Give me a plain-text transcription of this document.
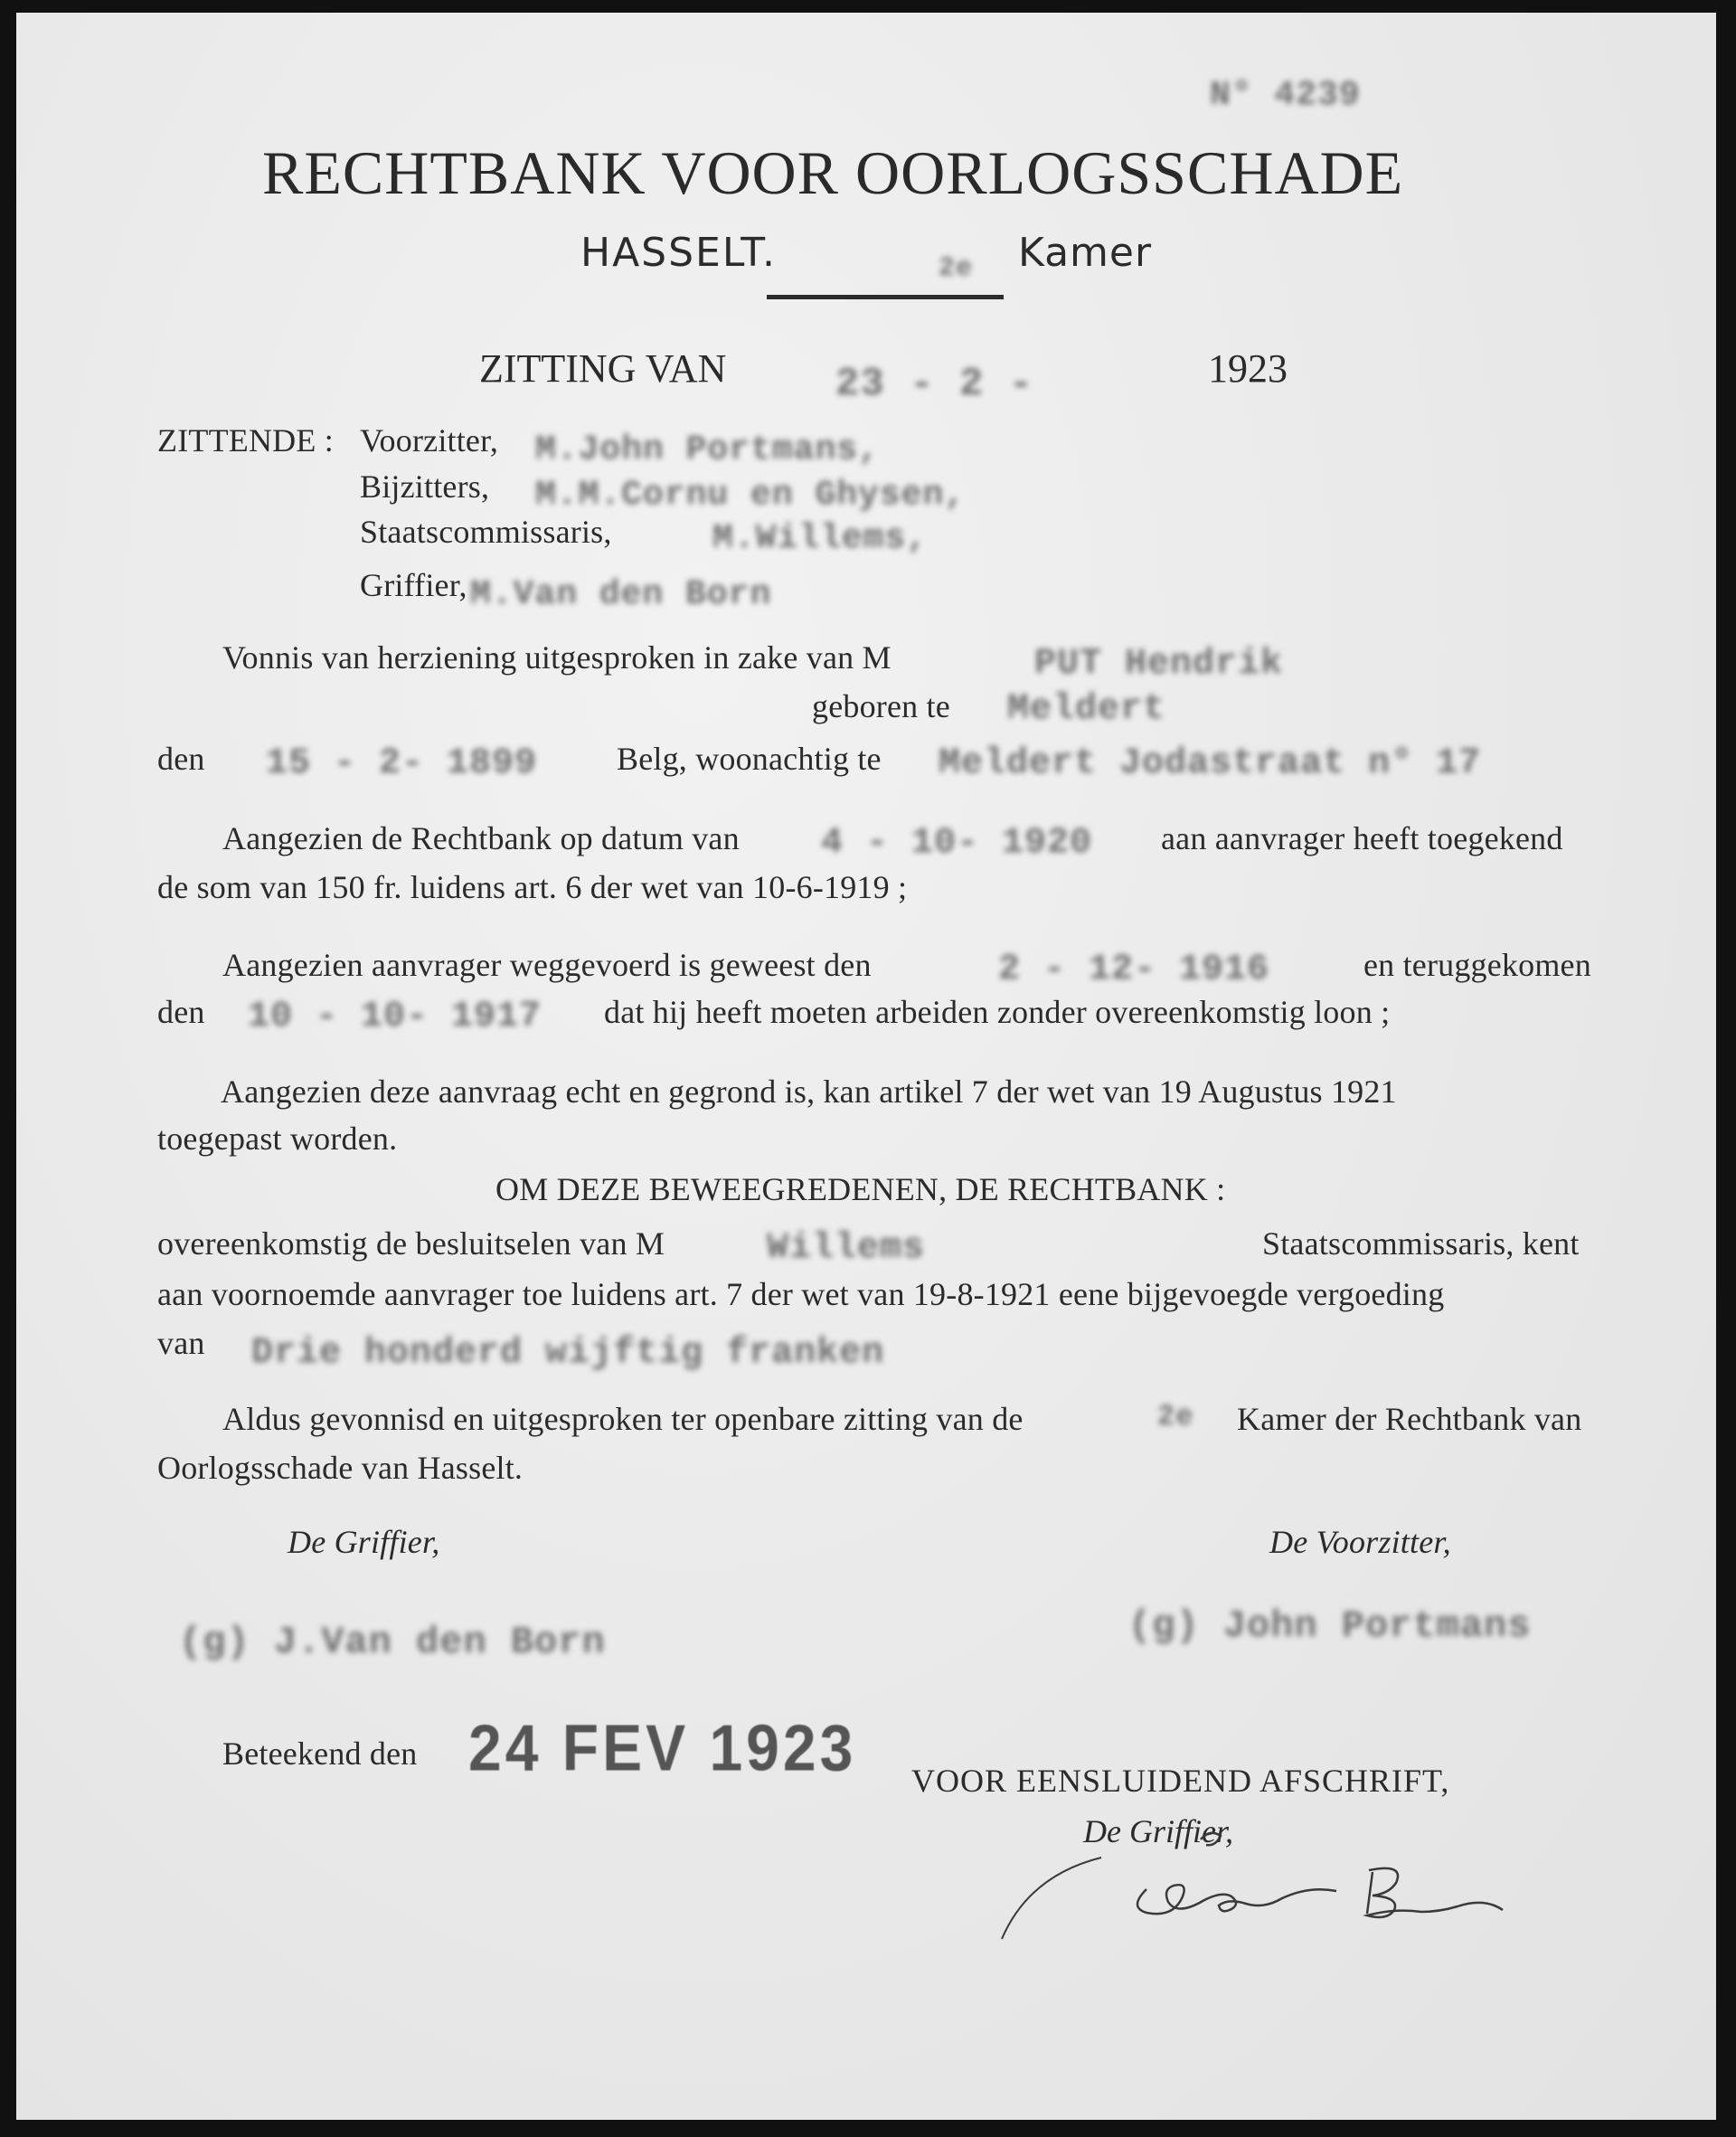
N° 4239
RECHTBANK VOOR OORLOGSSCHADE
HASSELT.	2e Kamer
ZITTING VAN	23 - 2 -	1923
ZITTENDE : Voorzitter, M.John Portmans,
Bijzitters, M.M.Cornu en Ghysen,
Staatscommissaris,	M.Willems,
Griffier, M.Van den Born
Vonnis van herziening uitgesproken in zake van M	PUT Hendrik
geboren te Meldert
den 15 - 2- 1899 Belg, woonachtig te Meldert Jodastraat n° 17
Aangezien de Rechtbank op datum van 4 - 10- 1920 aan aanvrager heeft toegekend
de som van 150 fr. luidens art. 6 der wet van 10-6-1919 ;
Aangezien aanvrager weggevoerd is geweest den	2 - 12- 1916	en teruggekomen
den 10 - 10- 1917 dat hij heeft moeten arbeiden zonder overeenkomstig loon ;
Aangezien deze aanvraag echt en gegrond is, kan artikel 7 der wet van 19 Augustus 1921
toegepast worden.
OM DEZE BEWEEGREDENEN, DE RECHTBANK :
overeenkomstig de besluitselen van M	Willems	Staatscommissaris, kent
aan voornoemde aanvrager toe luidens art. 7 der wet van 19-8-1921 eene bijgevoegde vergoeding
van Drie honderd wijftig franken
Aldus gevonnisd en uitgesproken ter openbare zitting van de	2e Kamer der Rechtbank van
Oorlogsschade van Hasselt.
De Griffier,	De Voorzitter,
(g) J.Van den Born	(g) John Portmans
Beteekend den 24 FEV 1923 VOOR EENSLUIDEND AFSCHRIFT,
De Griffier,
